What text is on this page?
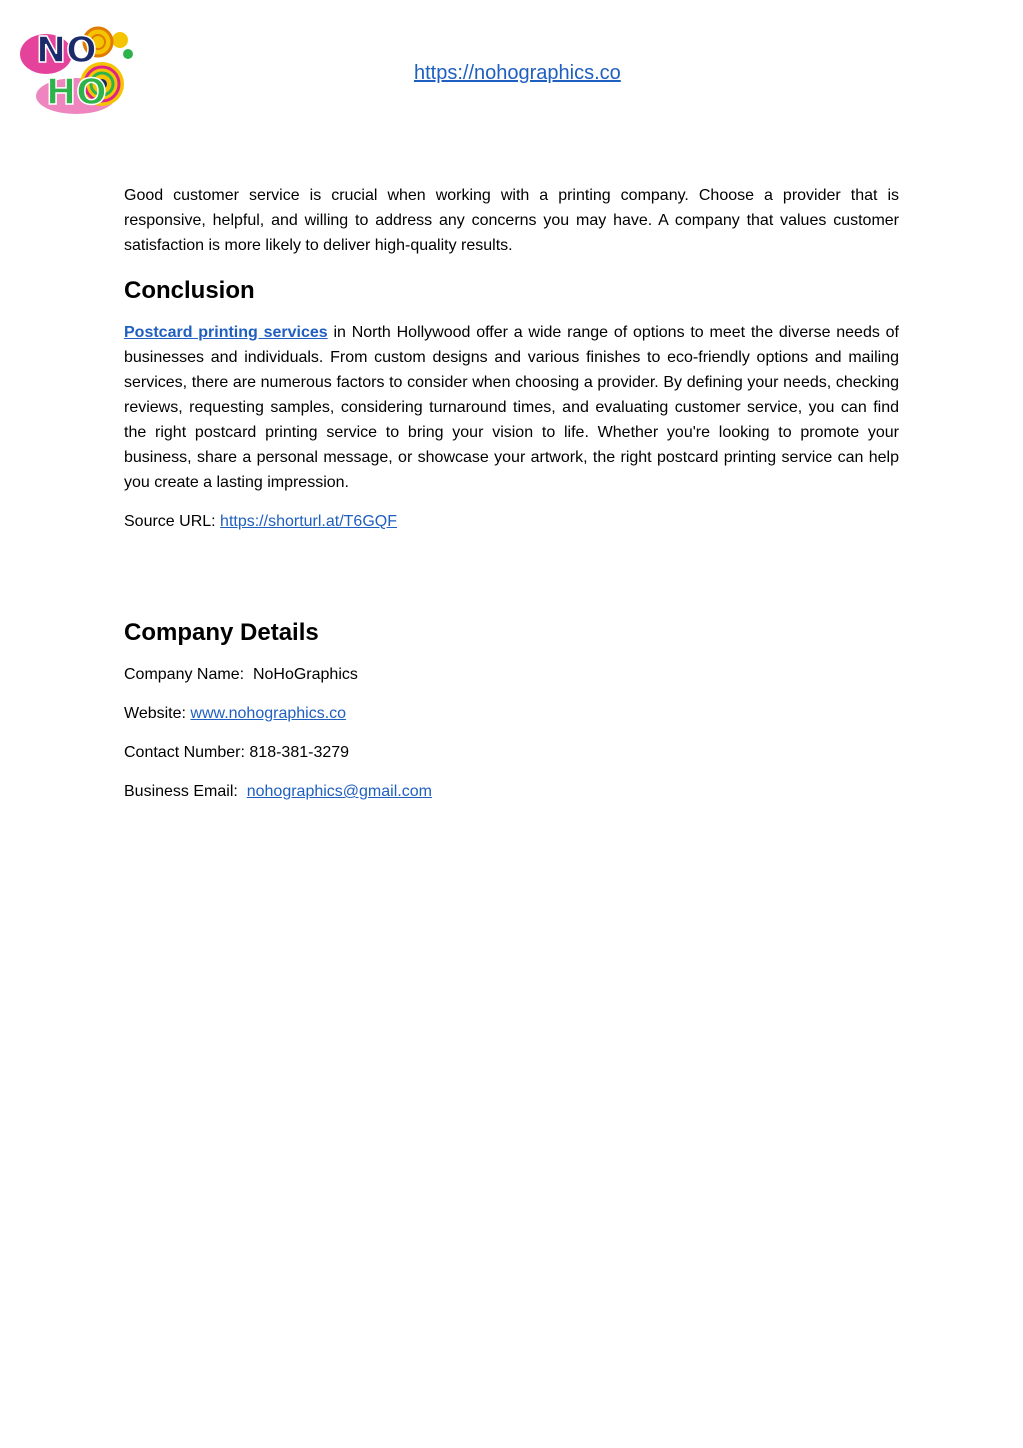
NO
HO	https://nohographics.co

Good customer service is crucial when working with a printing company. Choose a provider that is responsive, helpful, and willing to address any concerns you may have. A company that values customer satisfaction is more likely to deliver high-quality results.

Conclusion

Postcard printing services in North Hollywood offer a wide range of options to meet the diverse needs of businesses and individuals. From custom designs and various finishes to eco-friendly options and mailing services, there are numerous factors to consider when choosing a provider. By defining your needs, checking reviews, requesting samples, considering turnaround times, and evaluating customer service, you can find the right postcard printing service to bring your vision to life. Whether you're looking to promote your business, share a personal message, or showcase your artwork, the right postcard printing service can help you create a lasting impression.

Source URL: https://shorturl.at/T6GQF

Company Details

Company Name:  NoHoGraphics

Website: www.nohographics.co

Contact Number: 818-381-3279

Business Email:  nohographics@gmail.com
